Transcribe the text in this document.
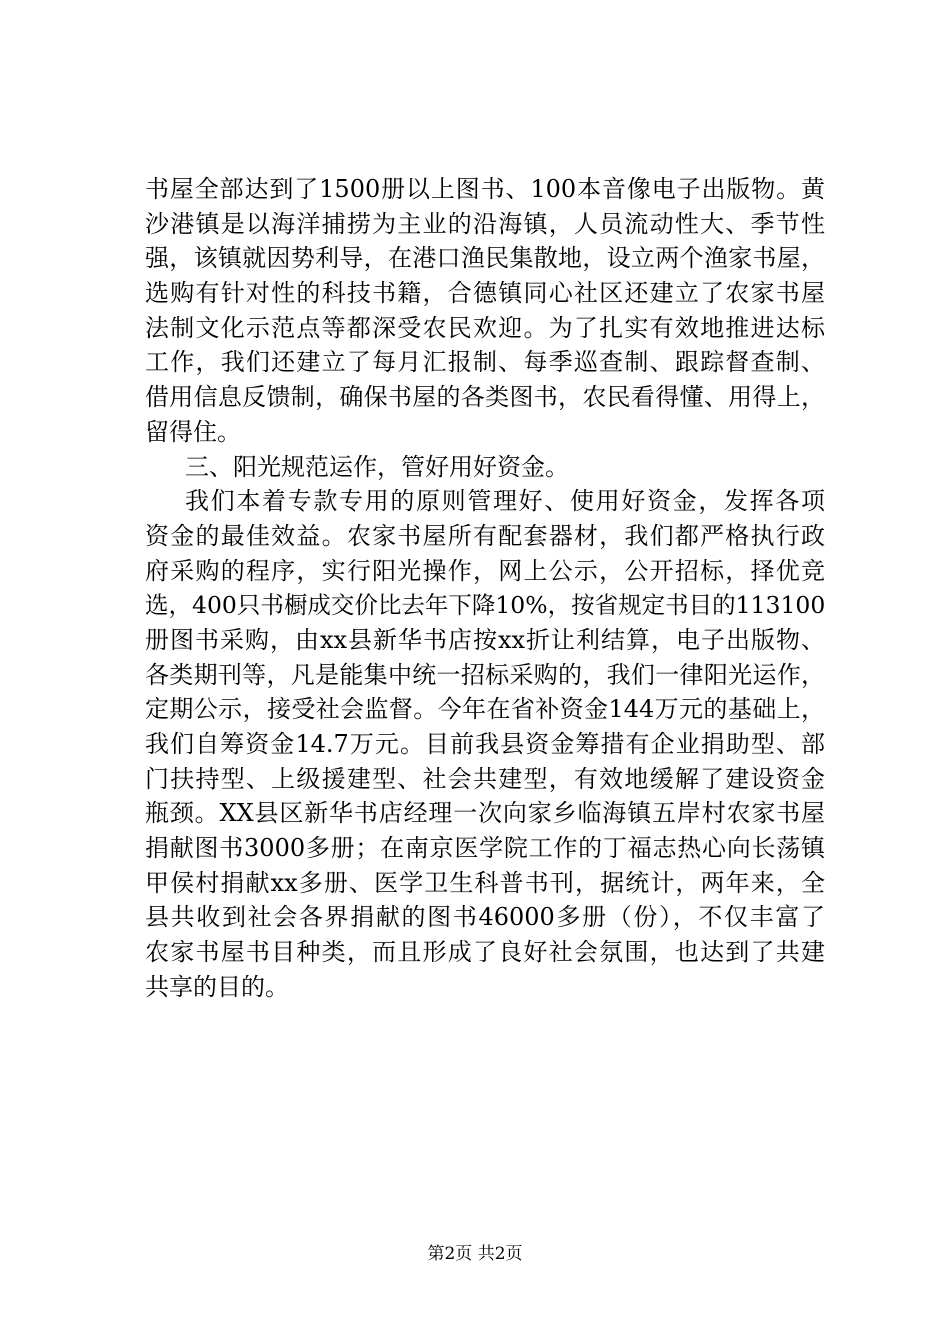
书屋全部达到了1500册以上图书、100本音像电子出版物。黄
沙港镇是以海洋捕捞为主业的沿海镇，人员流动性大、季节性
强，该镇就因势利导，在港口渔民集散地，设立两个渔家书屋，
选购有针对性的科技书籍，合德镇同心社区还建立了农家书屋
法制文化示范点等都深受农民欢迎。为了扎实有效地推进达标
工作，我们还建立了每月汇报制、每季巡查制、跟踪督查制、
借用信息反馈制，确保书屋的各类图书，农民看得懂、用得上，
留得住。
三、阳光规范运作，管好用好资金。
我们本着专款专用的原则管理好、使用好资金，发挥各项
资金的最佳效益。农家书屋所有配套器材，我们都严格执行政
府采购的程序，实行阳光操作，网上公示，公开招标，择优竞
选，400只书橱成交价比去年下降10%，按省规定书目的113100
册图书采购，由xx县新华书店按xx折让利结算，电子出版物、
各类期刊等，凡是能集中统一招标采购的，我们一律阳光运作，
定期公示，接受社会监督。今年在省补资金144万元的基础上，
我们自筹资金14.7万元。目前我县资金筹措有企业捐助型、部
门扶持型、上级援建型、社会共建型，有效地缓解了建设资金
瓶颈。XX县区新华书店经理一次向家乡临海镇五岸村农家书屋
捐献图书3000多册；在南京医学院工作的丁福志热心向长荡镇
甲侯村捐献xx多册、医学卫生科普书刊，据统计，两年来，全
县共收到社会各界捐献的图书46000多册（份），不仅丰富了
农家书屋书目种类，而且形成了良好社会氛围，也达到了共建
共享的目的。
第2页 共2页
